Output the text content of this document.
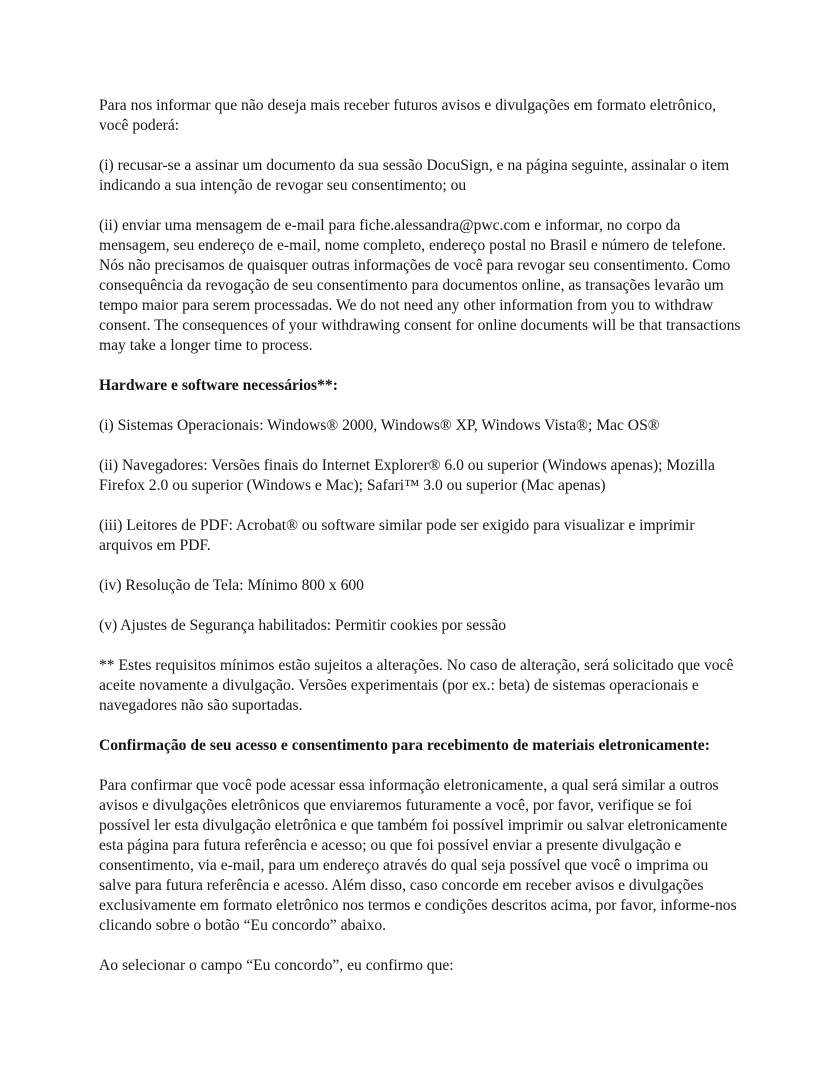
Para nos informar que não deseja mais receber futuros avisos e divulgações em formato eletrônico, você poderá:

(i) recusar-se a assinar um documento da sua sessão DocuSign, e na página seguinte, assinalar o item indicando a sua intenção de revogar seu consentimento; ou

(ii) enviar uma mensagem de e-mail para fiche.alessandra@pwc.com e informar, no corpo da mensagem, seu endereço de e-mail, nome completo, endereço postal no Brasil e número de telefone. Nós não precisamos de quaisquer outras informações de você para revogar seu consentimento. Como consequência da revogação de seu consentimento para documentos online, as transações levarão um tempo maior para serem processadas. We do not need any other information from you to withdraw consent. The consequences of your withdrawing consent for online documents will be that transactions may take a longer time to process.

Hardware e software necessários**:

(i) Sistemas Operacionais: Windows® 2000, Windows® XP, Windows Vista®; Mac OS®

(ii) Navegadores: Versões finais do Internet Explorer® 6.0 ou superior (Windows apenas); Mozilla Firefox 2.0 ou superior (Windows e Mac); Safari™ 3.0 ou superior (Mac apenas)

(iii) Leitores de PDF: Acrobat® ou software similar pode ser exigido para visualizar e imprimir arquivos em PDF.

(iv) Resolução de Tela: Mínimo 800 x 600

(v) Ajustes de Segurança habilitados: Permitir cookies por sessão

** Estes requisitos mínimos estão sujeitos a alterações. No caso de alteração, será solicitado que você aceite novamente a divulgação. Versões experimentais (por ex.: beta) de sistemas operacionais e navegadores não são suportadas.

Confirmação de seu acesso e consentimento para recebimento de materiais eletronicamente:

Para confirmar que você pode acessar essa informação eletronicamente, a qual será similar a outros avisos e divulgações eletrônicos que enviaremos futuramente a você, por favor, verifique se foi possível ler esta divulgação eletrônica e que também foi possível imprimir ou salvar eletronicamente esta página para futura referência e acesso; ou que foi possível enviar a presente divulgação e consentimento, via e-mail, para um endereço através do qual seja possível que você o imprima ou salve para futura referência e acesso. Além disso, caso concorde em receber avisos e divulgações exclusivamente em formato eletrônico nos termos e condições descritos acima, por favor, informe-nos clicando sobre o botão “Eu concordo” abaixo.

Ao selecionar o campo “Eu concordo”, eu confirmo que:
